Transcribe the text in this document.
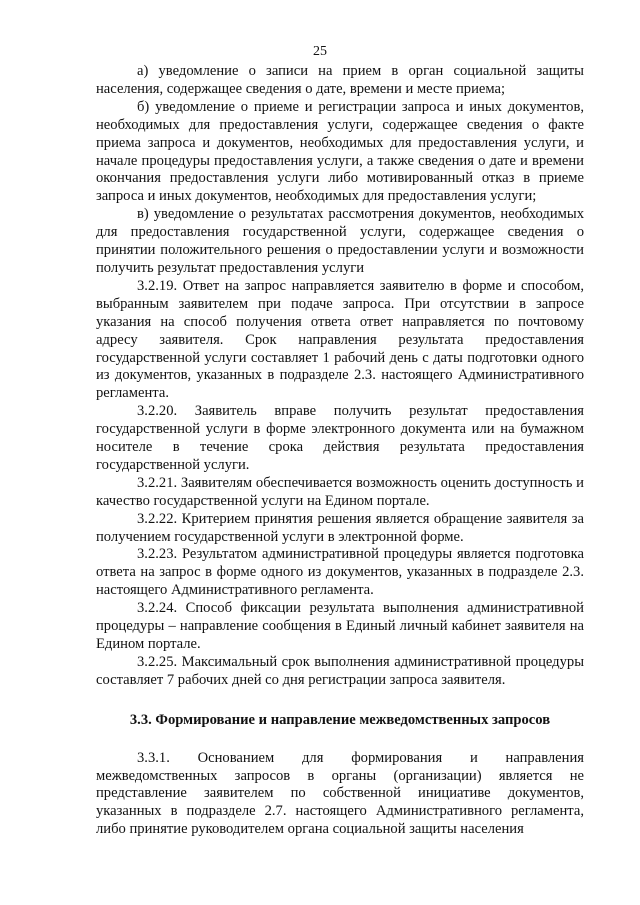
25

а) уведомление о записи на прием в орган социальной защиты населения, содержащее сведения о дате, времени и месте приема;

б) уведомление о приеме и регистрации запроса и иных документов, необходимых для предоставления услуги, содержащее сведения о факте приема запроса и документов, необходимых для предоставления услуги, и начале процедуры предоставления услуги, а также сведения о дате и времени окончания предоставления услуги либо мотивированный отказ в приеме запроса и иных документов, необходимых для предоставления услуги;

в) уведомление о результатах рассмотрения документов, необходимых для предоставления государственной услуги, содержащее сведения о принятии положительного решения о предоставлении услуги и возможности получить результат предоставления услуги

3.2.19. Ответ на запрос направляется заявителю в форме и способом, выбранным заявителем при подаче запроса. При отсутствии в запросе указания на способ получения ответа ответ направляется по почтовому адресу заявителя. Срок направления результата предоставления государственной услуги составляет 1 рабочий день с даты подготовки одного из документов, указанных в подразделе 2.3. настоящего Административного регламента.

3.2.20. Заявитель вправе получить результат предоставления государственной услуги в форме электронного документа или на бумажном носителе в течение срока действия результата предоставления государственной услуги.

3.2.21. Заявителям обеспечивается возможность оценить доступность и качество государственной услуги на Едином портале.

3.2.22. Критерием принятия решения является обращение заявителя за получением государственной услуги в электронной форме.

3.2.23. Результатом административной процедуры является подготовка ответа на запрос в форме одного из документов, указанных в подразделе 2.3. настоящего Административного регламента.

3.2.24. Способ фиксации результата выполнения административной процедуры – направление сообщения в Единый личный кабинет заявителя на Едином портале.

3.2.25. Максимальный срок выполнения административной процедуры составляет 7 рабочих дней со дня регистрации запроса заявителя.

3.3. Формирование и направление межведомственных запросов

3.3.1. Основанием для формирования и направления межведомственных запросов в органы (организации) является не представление заявителем по собственной инициативе документов, указанных в подразделе 2.7. настоящего Административного регламента, либо принятие руководителем органа социальной защиты населения
